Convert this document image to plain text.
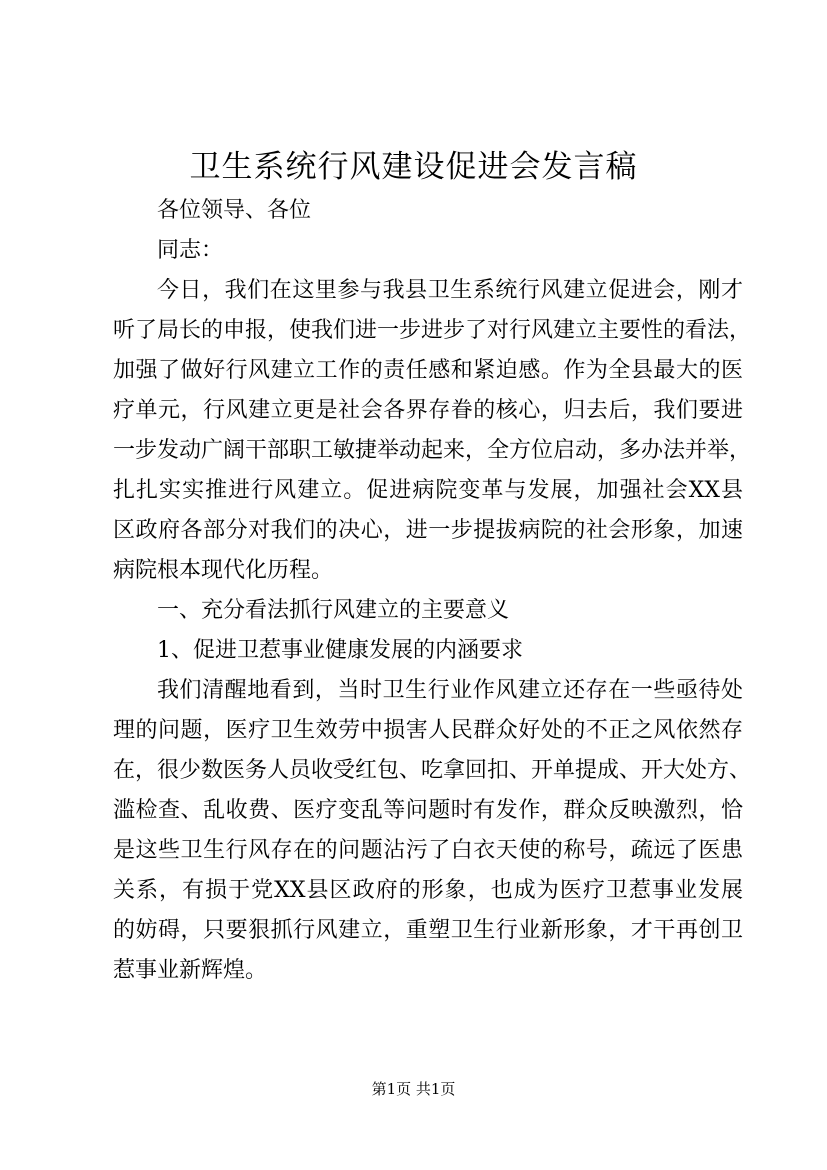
卫生系统行风建设促进会发言稿
各位领导、各位
同志：
今日，我们在这里参与我县卫生系统行风建立促进会，刚才
听了局长的申报，使我们进一步进步了对行风建立主要性的看法，
加强了做好行风建立工作的责任感和紧迫感。作为全县最大的医
疗单元，行风建立更是社会各界存眷的核心，归去后，我们要进
一步发动广阔干部职工敏捷举动起来，全方位启动，多办法并举，
扎扎实实推进行风建立。促进病院变革与发展，加强社会XX县
区政府各部分对我们的决心，进一步提拔病院的社会形象，加速
病院根本现代化历程。
一、充分看法抓行风建立的主要意义
1、促进卫惹事业健康发展的内涵要求
我们清醒地看到，当时卫生行业作风建立还存在一些亟待处
理的问题，医疗卫生效劳中损害人民群众好处的不正之风依然存
在，很少数医务人员收受红包、吃拿回扣、开单提成、开大处方、
滥检查、乱收费、医疗变乱等问题时有发作，群众反映激烈，恰
是这些卫生行风存在的问题沾污了白衣天使的称号，疏远了医患
关系，有损于党XX县区政府的形象，也成为医疗卫惹事业发展
的妨碍，只要狠抓行风建立，重塑卫生行业新形象，才干再创卫
惹事业新辉煌。
第1页 共1页
